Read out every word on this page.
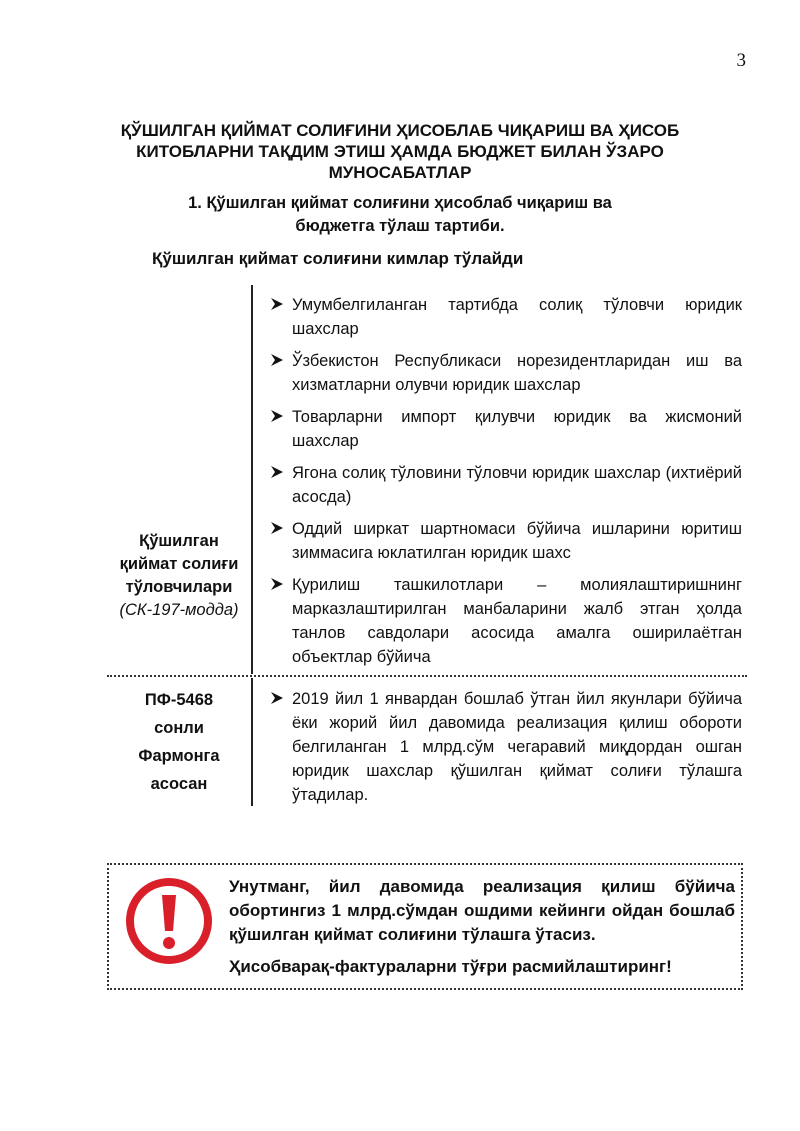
3
ҚЎШИЛГАН ҚИЙМАТ СОЛИҒИНИ ҲИСОБЛАБ ЧИҚАРИШ ВА ҲИСОБ КИТОБЛАРНИ ТАҚДИМ ЭТИШ ҲАМДА БЮДЖЕТ БИЛАН ЎЗАРО МУНОСАБАТЛАР
1. Қўшилган қиймат солиғини ҳисоблаб чиқариш ва бюджетга тўлаш тартиби.
Қўшилган қиймат солиғини кимлар тўлайди
Қўшилган қиймат солиғи тўловчилари
(СК-197-модда)
Умумбелгиланган тартибда солиқ тўловчи юридик шахслар
Ўзбекистон Республикаси норезидентларидан иш ва хизматларни олувчи юридик шахслар
Товарларни импорт қилувчи юридик ва жисмоний шахслар
Ягона солиқ тўловини тўловчи юридик шахслар (ихтиёрий асосда)
Оддий ширкат шартномаси бўйича ишларини юритиш зиммасига юклатилган юридик шахс
Қурилиш ташкилотлари – молиялаштиришнинг марказлаштирилган манбаларини жалб этган ҳолда танлов савдолари асосида амалга оширилаётган объектлар бўйича
ПФ-5468
сонли Фармонга асосан
2019 йил 1 январдан бошлаб ўтган йил якунлари бўйича ёки жорий йил давомида реализация қилиш обороти белгиланган 1 млрд.сўм чегаравий миқдордан ошган юридик шахслар қўшилган қиймат солиғи тўлашга ўтадилар.

Унутманг, йил давомида реализация қилиш бўйича обортингиз 1 млрд.сўмдан ошдими кейинги ойдан бошлаб қўшилган қиймат солиғини тўлашга ўтасиз.

Ҳисобварақ-фактураларни тўғри расмийлаштиринг!
